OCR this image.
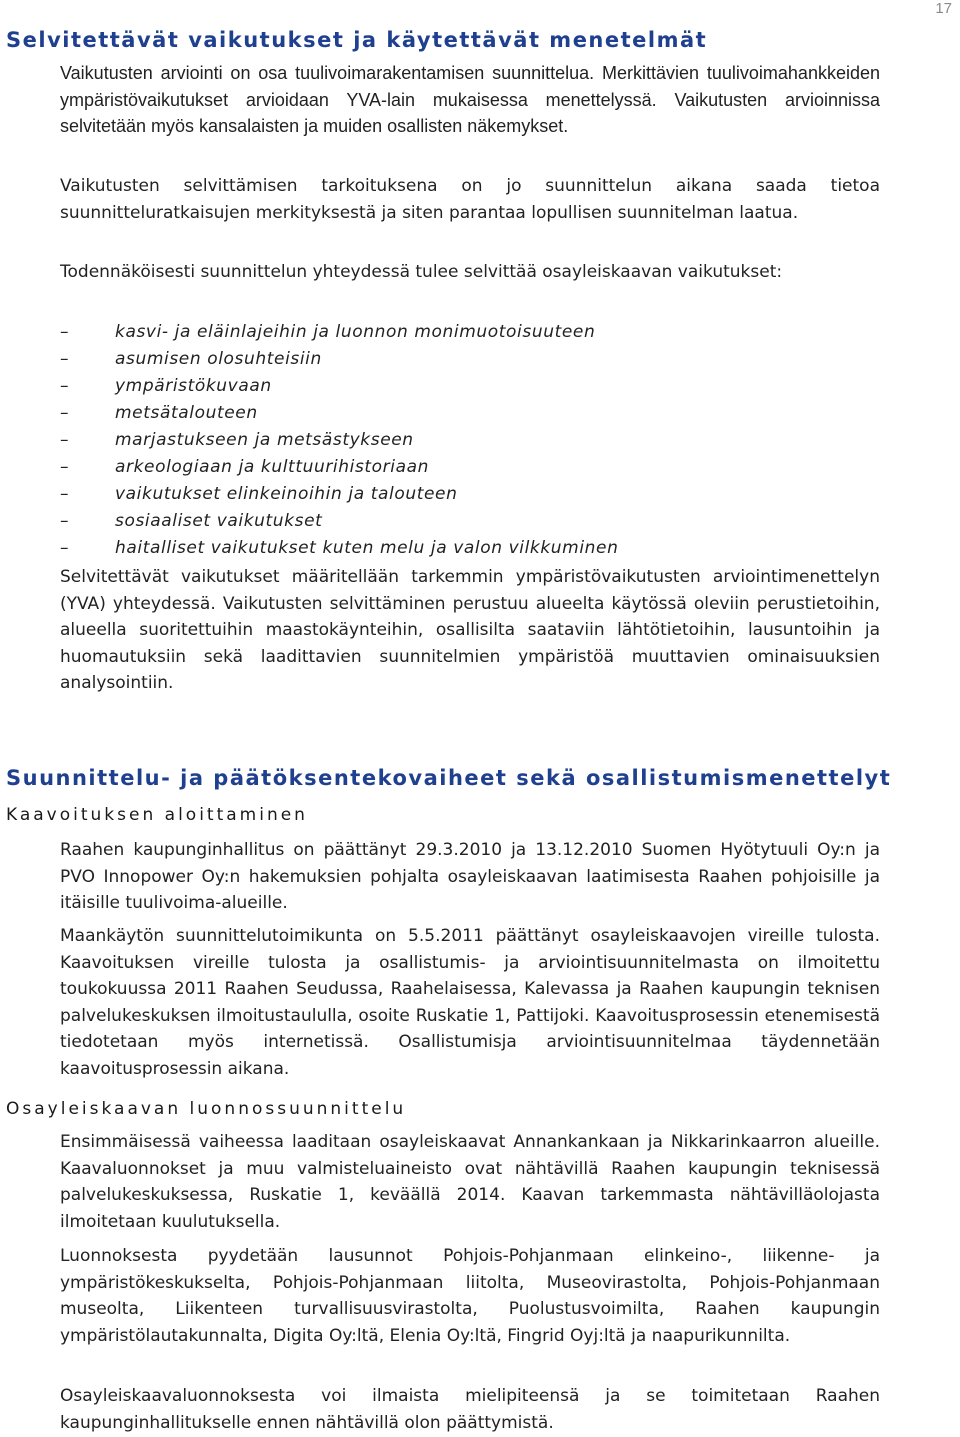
17
Selvitettävät vaikutukset ja käytettävät menetelmät

Vaikutusten arviointi on osa tuulivoimarakentamisen suunnittelua. Merkittävien tuulivoimahankkeiden ympäristövaikutukset arvioidaan YVA-lain mukaisessa menettelyssä. Vaikutusten arvioinnissa selvitetään myös kansalaisten ja muiden osallisten näkemykset.

Vaikutusten selvittämisen tarkoituksena on jo suunnittelun aikana saada tietoa suunnitteluratkaisujen merkityksestä ja siten parantaa lopullisen suunnitelman laatua.

Todennäköisesti suunnittelun yhteydessä tulee selvittää osayleiskaavan vaikutukset:

–	kasvi- ja eläinlajeihin ja luonnon monimuotoisuuteen
–	asumisen olosuhteisiin
–	ympäristökuvaan
–	metsätalouteen
–	marjastukseen ja metsästykseen
–	arkeologiaan ja kulttuurihistoriaan
–	vaikutukset elinkeinoihin ja talouteen
–	sosiaaliset vaikutukset
–	haitalliset vaikutukset kuten melu ja valon vilkkuminen

Selvitettävät vaikutukset määritellään tarkemmin ympäristövaikutusten arviointimenettelyn (YVA) yhteydessä. Vaikutusten selvittäminen perustuu alueelta käytössä oleviin perustietoihin, alueella suoritettuihin maastokäynteihin, osallisilta saataviin lähtötietoihin, lausuntoihin ja huomautuksiin sekä laadittavien suunnitelmien ympäristöä muuttavien ominaisuuksien analysointiin.

Suunnittelu- ja päätöksentekovaiheet sekä osallistumismenettelyt
Kaavoituksen aloittaminen

Raahen kaupunginhallitus on päättänyt 29.3.2010 ja 13.12.2010 Suomen Hyötytuuli Oy:n ja PVO Innopower Oy:n hakemuksien pohjalta osayleiskaavan laatimisesta Raahen pohjoisille ja itäisille tuulivoima-alueille.

Maankäytön suunnittelutoimikunta on 5.5.2011 päättänyt osayleiskaavojen vireille tulosta. Kaavoituksen vireille tulosta ja osallistumis- ja arviointisuunnitelmasta on ilmoitettu toukokuussa 2011 Raahen Seudussa, Raahelaisessa, Kalevassa ja Raahen kaupungin teknisen palvelukeskuksen ilmoitustaululla, osoite Ruskatie 1, Pattijoki. Kaavoitusprosessin etenemisestä tiedotetaan myös internetissä. Osallistumisja arviointisuunnitelmaa täydennetään kaavoitusprosessin aikana.

Osayleiskaavan luonnossuunnittelu

Ensimmäisessä vaiheessa laaditaan osayleiskaavat Annankankaan ja Nikkarinkaarron alueille. Kaavaluonnokset ja muu valmisteluaineisto ovat nähtävillä Raahen kaupungin teknisessä palvelukeskuksessa, Ruskatie 1, keväällä 2014. Kaavan tarkemmasta nähtävilläolojasta ilmoitetaan kuulutuksella.

Luonnoksesta pyydetään lausunnot Pohjois-Pohjanmaan elinkeino-, liikenne- ja ympäristökeskukselta, Pohjois-Pohjanmaan liitolta, Museovirastolta, Pohjois-Pohjanmaan museolta, Liikenteen turvallisuusvirastolta, Puolustusvoimilta, Raahen kaupungin ympäristölautakunnalta, Digita Oy:ltä, Elenia Oy:ltä, Fingrid Oyj:ltä ja naapurikunnilta.

Osayleiskaavaluonnoksesta voi ilmaista mielipiteensä ja se toimitetaan Raahen kaupunginhallitukselle ennen nähtävillä olon päättymistä.
